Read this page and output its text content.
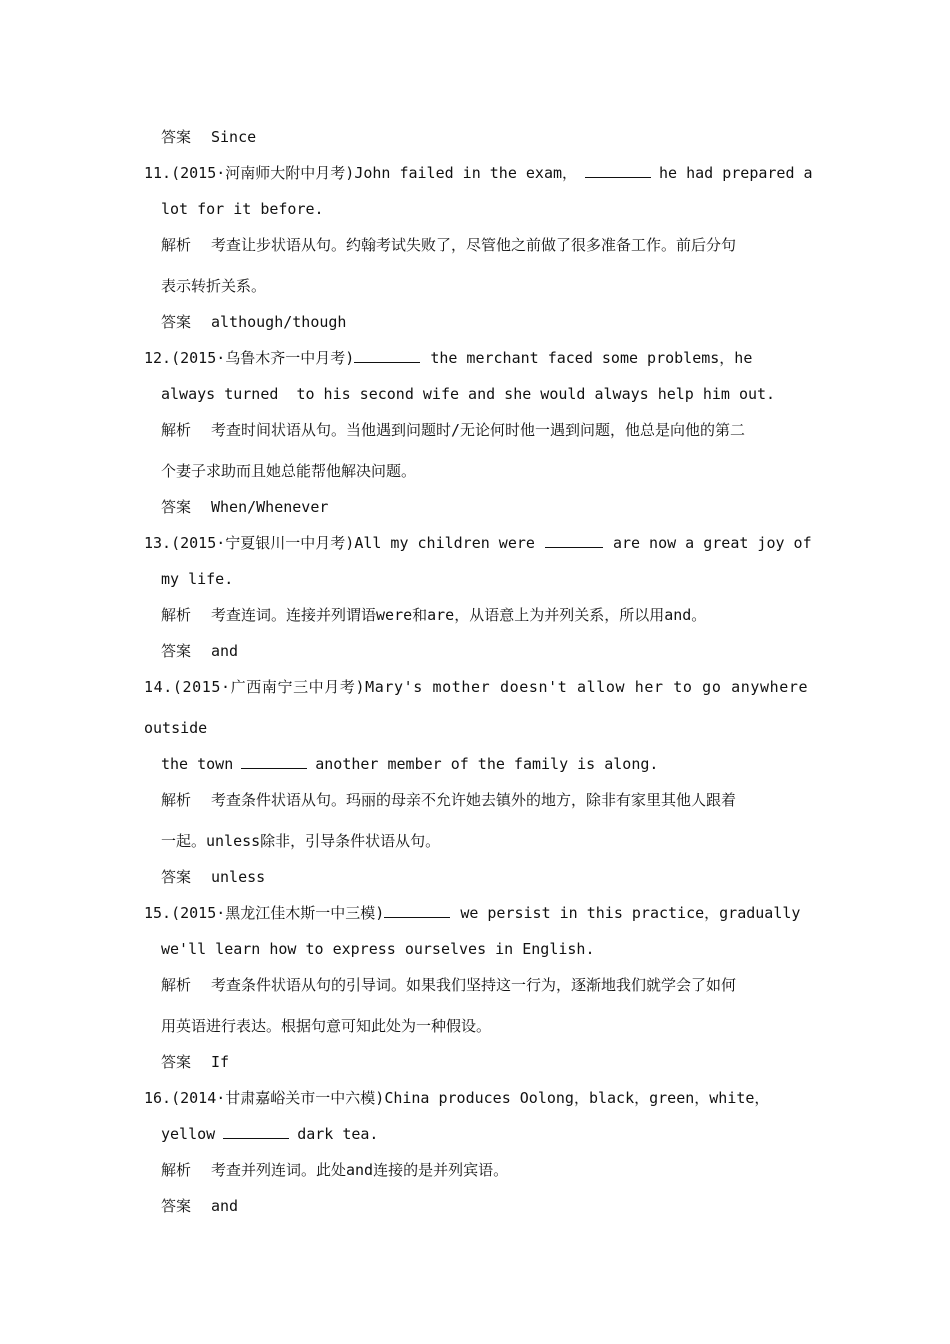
答案 Since
11.(2015·河南师大附中月考)John failed in the exam，	he had prepared a
lot for it before.
解析 考查让步状语从句。约翰考试失败了，尽管他之前做了很多准备工作。前后分句
表示转折关系。
答案 although/though
12.(2015·乌鲁木齐一中月考)	the merchant faced some problems，he
always turned  to his second wife and she would always help him out.
解析 考查时间状语从句。当他遇到问题时/无论何时他一遇到问题，他总是向他的第二
个妻子求助而且她总能帮他解决问题。
答案 When/Whenever
13.(2015·宁夏银川一中月考)All my children were	are now a great joy of
my life.
解析 考查连词。连接并列谓语were和are，从语意上为并列关系，所以用and。
答案 and
14.(2015·广西南宁三中月考)Mary's mother doesn't allow her to go anywhere
outside
the town	another member of the family is along.
解析 考查条件状语从句。玛丽的母亲不允许她去镇外的地方，除非有家里其他人跟着
一起。unless除非，引导条件状语从句。
答案 unless
15.(2015·黑龙江佳木斯一中三模)	we persist in this practice，gradually
we'll learn how to express ourselves in English.
解析 考查条件状语从句的引导词。如果我们坚持这一行为，逐渐地我们就学会了如何
用英语进行表达。根据句意可知此处为一种假设。
答案 If
16.(2014·甘肃嘉峪关市一中六模)China produces Oolong，black，green，white，
yellow	dark tea.
解析 考查并列连词。此处and连接的是并列宾语。
答案 and
